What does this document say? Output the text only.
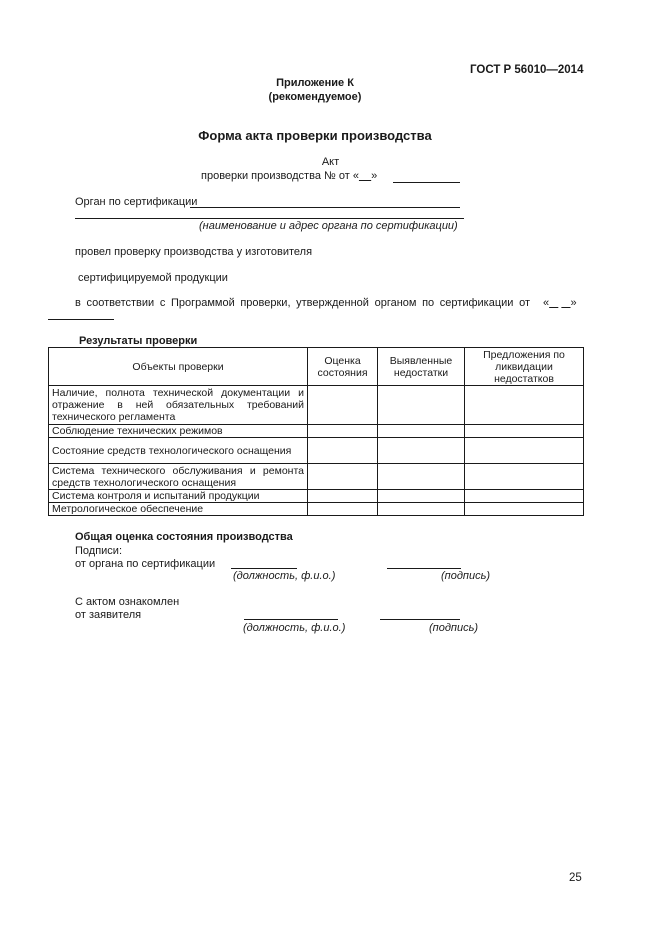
ГОСТ Р 56010—2014
Приложение К
(рекомендуемое)
Форма акта проверки производства
Акт
проверки производства № от « »
Орган по сертификации
(наименование и адрес органа по сертификации)
провел проверку производства у изготовителя
сертифицируемой продукции
в соответствии с Программой проверки, утвержденной органом по сертификации от « »
Результаты проверки
Объекты проверки	Оценка состояния	Выявленные недостатки	Предложения по ликвидации недостатков
Наличие, полнота технической документации и отражение в ней обязательных требований технического регламента			
Соблюдение технических режимов			
Состояние средств технологического оснащения			
Система технического обслуживания и ремонта средств технологического оснащения			
Система контроля и испытаний продукции			
Метрологическое обеспечение			
Общая оценка состояния производства
Подписи:
от органа по сертификации
(должность, ф.и.о.)	(подпись)
С актом ознакомлен
от заявителя
(должность, ф.и.о.)	(подпись)
25
